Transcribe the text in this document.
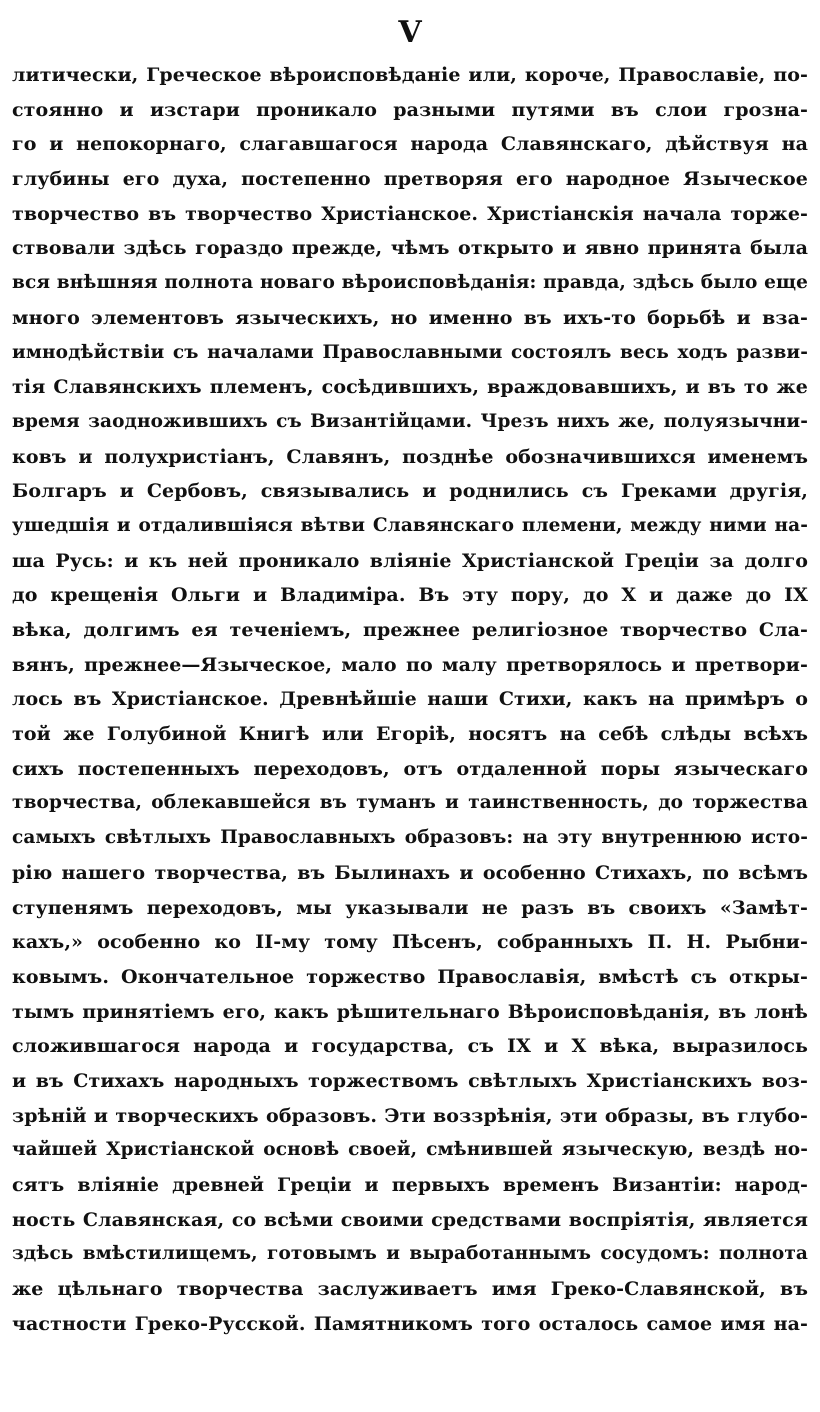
V
литически, Греческое вѣроисповѣданіе или, короче, Православіе, по-
стоянно и изстари проникало разными путями въ слои грозна-
го и непокорнаго, слагавшагося народа Славянскаго, дѣйствуя на
глубины его духа, постепенно претворяя его народное Языческое
творчество въ творчество Христіанское. Христіанскія начала торже-
ствовали здѣсь гораздо прежде, чѣмъ открыто и явно принята была
вся внѣшняя полнота новаго вѣроисповѣданія: правда, здѣсь было еще
много элементовъ языческихъ, но именно въ ихъ-то борьбѣ и вза-
имнодѣйствіи съ началами Православными состоялъ весь ходъ разви-
тія Славянскихъ племенъ, сосѣдившихъ, враждовавшихъ, и въ то же
время заодножившихъ съ Византійцами. Чрезъ нихъ же, полуязычни-
ковъ и полухристіанъ, Славянъ, позднѣе обозначившихся именемъ
Болгаръ и Сербовъ, связывались и роднились съ Греками другія,
ушедшія и отдалившіяся вѣтви Славянскаго племени, между ними на-
ша Русь: и къ ней проникало вліяніе Христіанской Греціи за долго
до крещенія Ольги и Владиміра. Въ эту пору, до X и даже до IX
вѣка, долгимъ ея теченіемъ, прежнее религіозное творчество Сла-
вянъ, прежнее—Языческое, мало по малу претворялось и претвори-
лось въ Христіанское. Древнѣйшіе наши Стихи, какъ на примѣръ о
той же Голубиной Книгѣ или Егоріѣ, носятъ на себѣ слѣды всѣхъ
сихъ постепенныхъ переходовъ, отъ отдаленной поры языческаго
творчества, облекавшейся въ туманъ и таинственность, до торжества
самыхъ свѣтлыхъ Православныхъ образовъ: на эту внутреннюю исто-
рію нашего творчества, въ Былинахъ и особенно Стихахъ, по всѣмъ
ступенямъ переходовъ, мы указывали не разъ въ своихъ «Замѣт-
кахъ,» особенно ко II-му тому Пѣсенъ, собранныхъ П. Н. Рыбни-
ковымъ. Окончательное торжество Православія, вмѣстѣ съ откры-
тымъ принятіемъ его, какъ рѣшительнаго Вѣроисповѣданія, въ лонѣ
сложившагося народа и государства, съ IX и X вѣка, выразилось
и въ Стихахъ народныхъ торжествомъ свѣтлыхъ Христіанскихъ воз-
зрѣній и творческихъ образовъ. Эти воззрѣнія, эти образы, въ глубо-
чайшей Христіанской основѣ своей, смѣнившей языческую, вездѣ но-
сятъ вліяніе древней Греціи и первыхъ временъ Византіи: народ-
ность Славянская, со всѣми своими средствами воспріятія, является
здѣсь вмѣстилищемъ, готовымъ и выработаннымъ сосудомъ: полнота
же цѣльнаго творчества заслуживаетъ имя Греко-Славянской, въ
частности Греко-Русской. Памятникомъ того осталось самое имя на-
